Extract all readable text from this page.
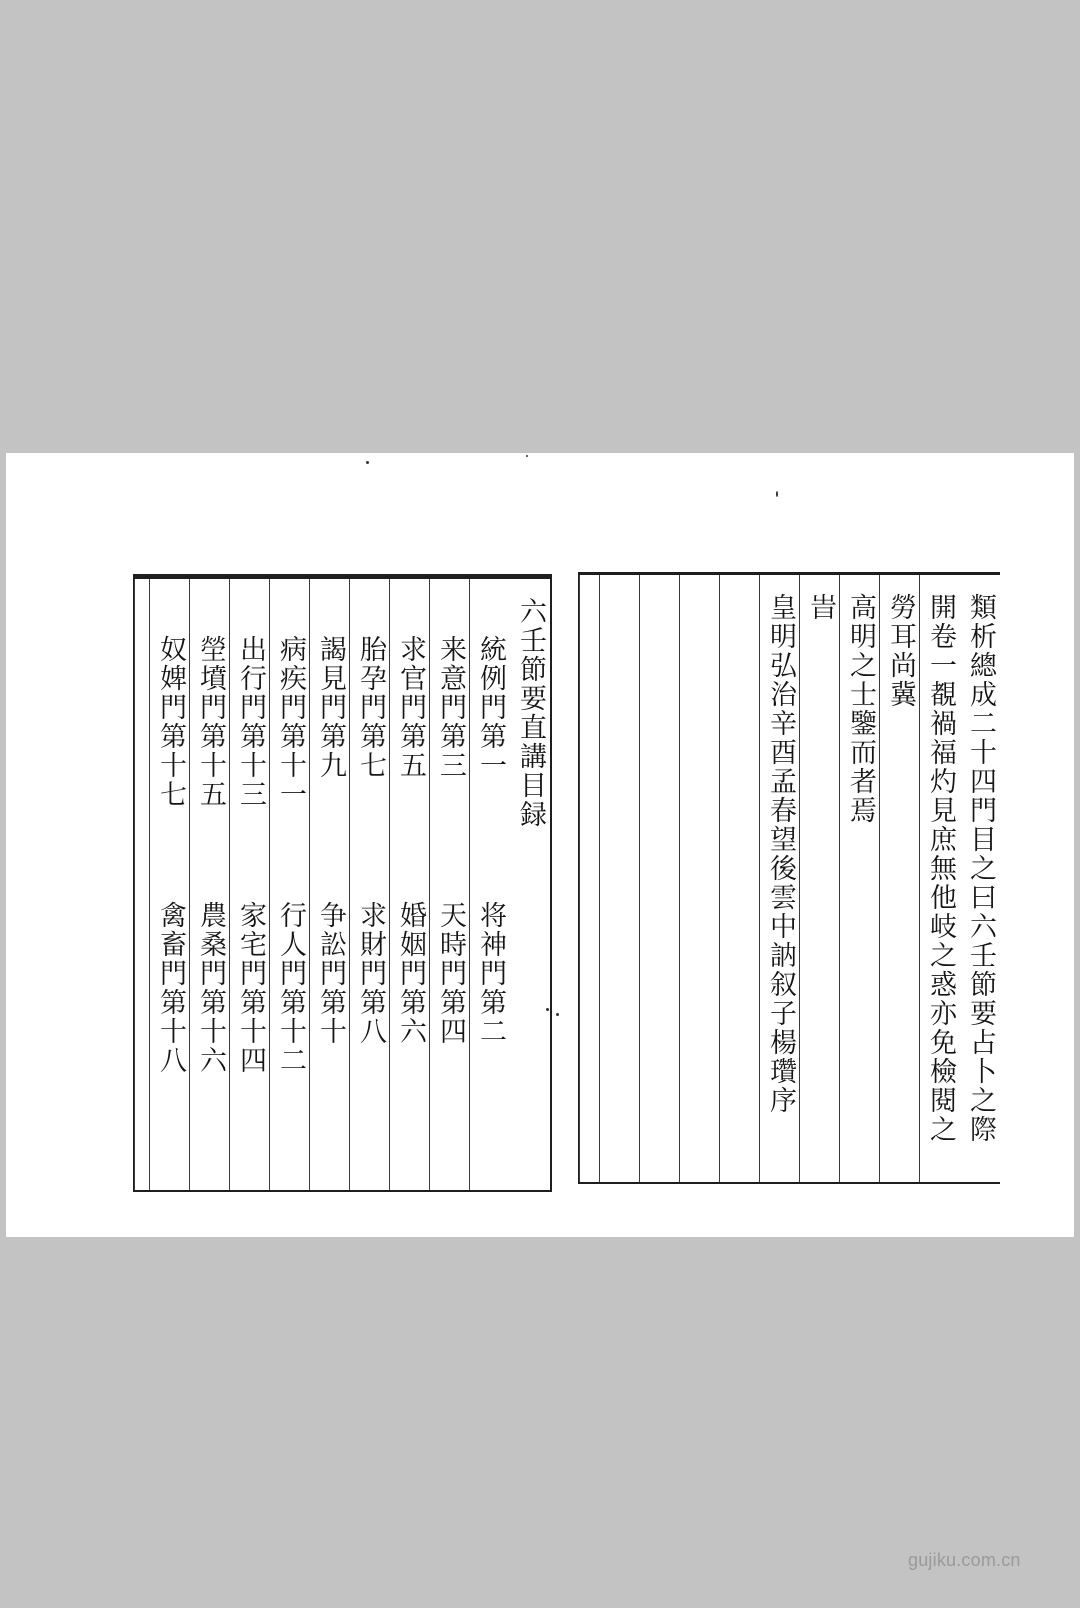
六壬節要直講目録
統例門第一
将神門第二
来意門第三
天時門第四
求官門第五
婚姻門第六
胎孕門第七
求財門第八
謁見門第九
争訟門第十
病疾門第十一
行人門第十二
出行門第十三
家宅門第十四
塋墳門第十五
農桑門第十六
奴婢門第十七
禽畜門第十八	類析總成二十四門目之曰六壬節要占卜之際
開卷一覩禍福灼見庶無他岐之惑亦免檢閱之
勞耳尚冀
高明之士鑒而者焉
旹
皇明弘治辛酉孟春望後雲中訥叙子楊瓚序
gujiku.com.cn
